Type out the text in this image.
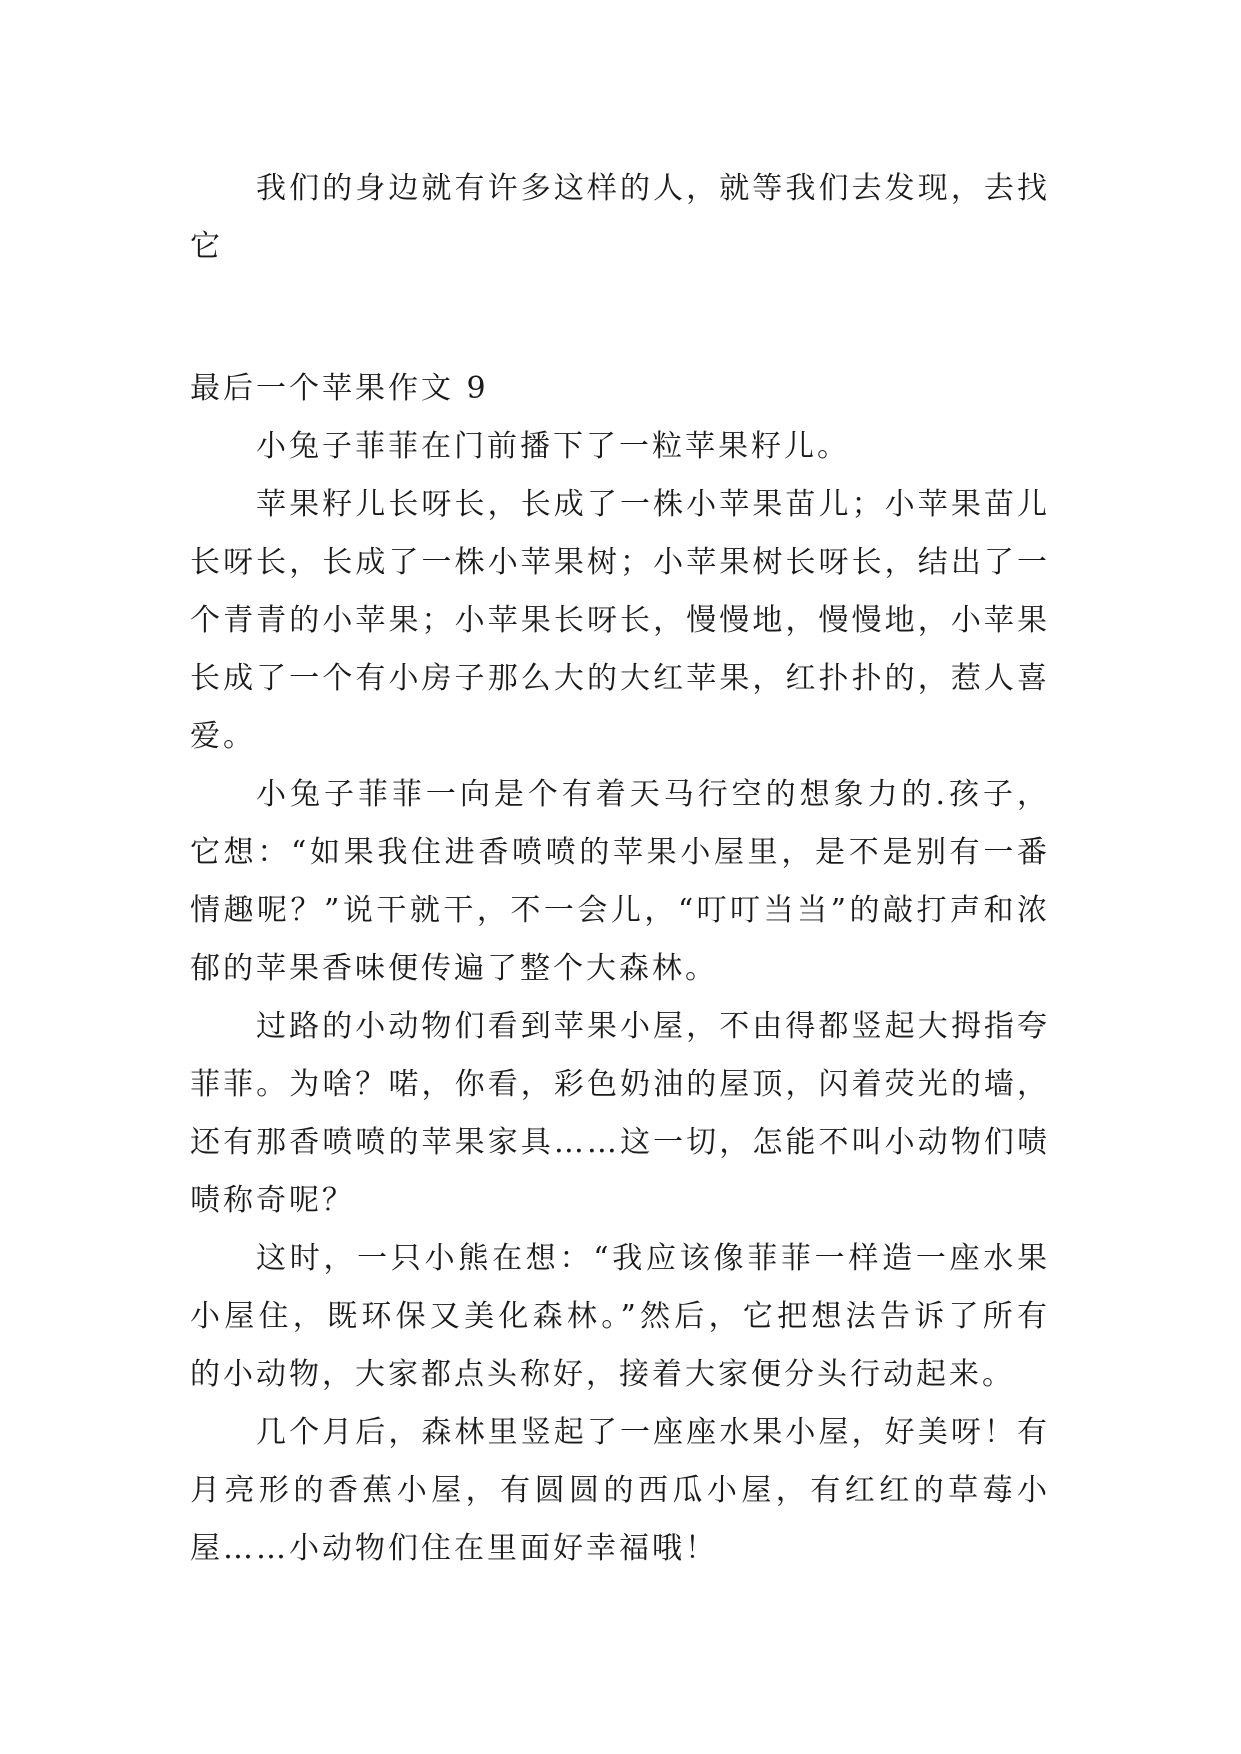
我们的身边就有许多这样的人，就等我们去发现，去找它

最后一个苹果作文 9

小兔子菲菲在门前播下了一粒苹果籽儿。

苹果籽儿长呀长，长成了一株小苹果苗儿；小苹果苗儿长呀长，长成了一株小苹果树；小苹果树长呀长，结出了一个青青的小苹果；小苹果长呀长，慢慢地，慢慢地，小苹果长成了一个有小房子那么大的大红苹果，红扑扑的，惹人喜爱。

小兔子菲菲一向是个有着天马行空的想象力的.孩子，它想：“如果我住进香喷喷的苹果小屋里，是不是别有一番情趣呢？”说干就干，不一会儿，“叮叮当当”的敲打声和浓郁的苹果香味便传遍了整个大森林。

过路的小动物们看到苹果小屋，不由得都竖起大拇指夸菲菲。为啥？喏，你看，彩色奶油的屋顶，闪着荧光的墙，还有那香喷喷的苹果家具……这一切，怎能不叫小动物们啧啧称奇呢？

这时，一只小熊在想：“我应该像菲菲一样造一座水果小屋住，既环保又美化森林。”然后，它把想法告诉了所有的小动物，大家都点头称好，接着大家便分头行动起来。

几个月后，森林里竖起了一座座水果小屋，好美呀！有月亮形的香蕉小屋，有圆圆的西瓜小屋，有红红的草莓小屋……小动物们住在里面好幸福哦！
